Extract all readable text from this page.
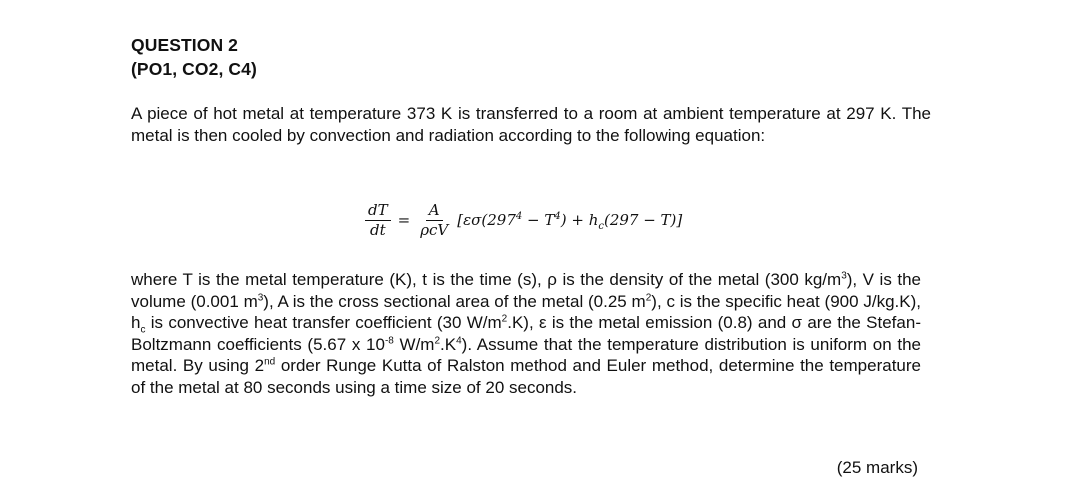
QUESTION 2
(PO1, CO2, C4)
A piece of hot metal at temperature 373 K is transferred to a room at ambient temperature at 297 K. The metal is then cooled by convection and radiation according to the following equation:
$\frac{dT}{dt} = \frac{A}{\text{ρcV}} [\varepsilon\sigma(297^4 - T^4) + h_c(297 - T)]$
where T is the metal temperature (K), t is the time (s), ρ is the density of the metal (300 $kg/m^3$), V is the volume (0.001 $m^3$), A is the cross sectional area of the metal (0.25 $m^2$), c is the specific heat (900 J/kg.K), $h_c$ is convective heat transfer coefficient (30 $W/m^2.K$), ε is the metal emission (0.8) and σ are the Stefan-Boltzmann coefficients (5.67 x $10^{-8}$ $W/m^2.K^4$). Assume that the temperature distribution is uniform on the metal. By using 2nd order Runge Kutta of Ralston method and Euler method, determine the temperature of the metal at 80 seconds using a time size of 20 seconds.
(25 marks)
